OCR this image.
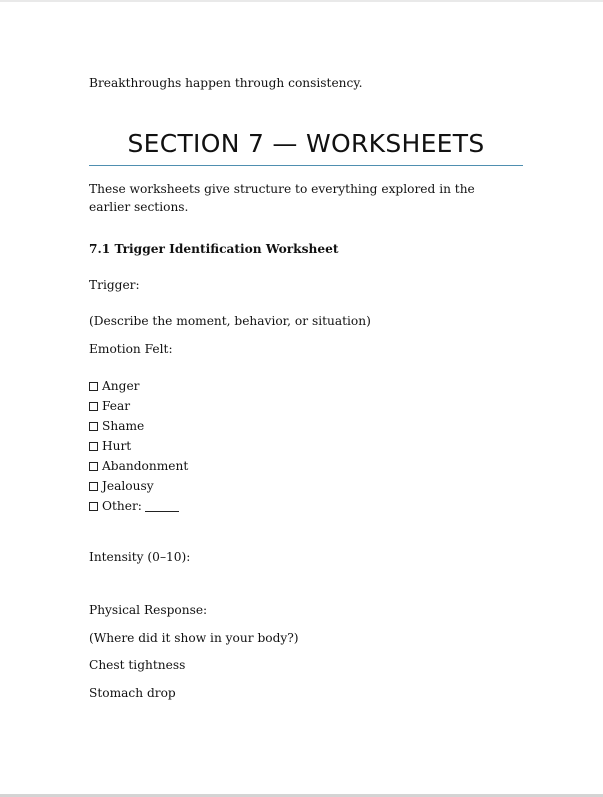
Breakthroughs happen through consistency.
SECTION 7 — WORKSHEETS
These worksheets give structure to everything explored in the earlier sections.
7.1 Trigger Identification Worksheet
Trigger:
(Describe the moment, behavior, or situation)
Emotion Felt:
Anger
Fear
Shame
Hurt
Abandonment
Jealousy
Other:
Intensity (0–10):
Physical Response:
(Where did it show in your body?)
Chest tightness
Stomach drop
